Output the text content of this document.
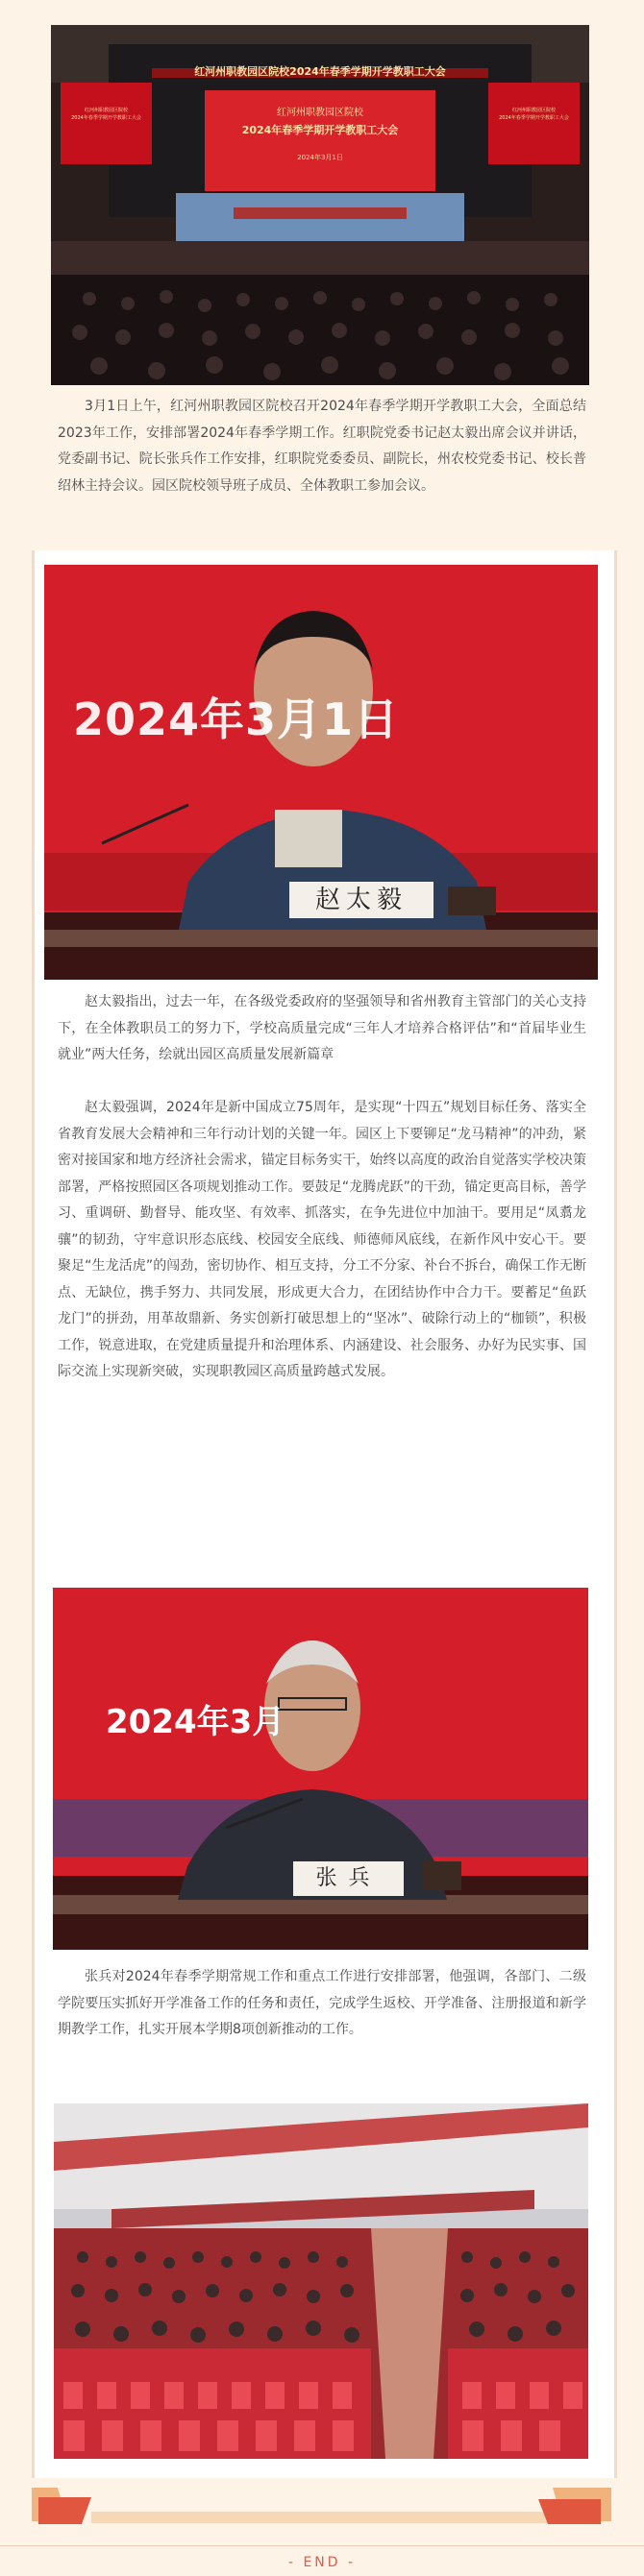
红河州职教园区院校2024年春季学期开学教职工大会
红河州职教园区院校
2024年春季学期开学教职工大会
2024年3月1日
红河州职教园区院校
2024年春季学期开学教职工大会
红河州职教园区院校
2024年春季学期开学教职工大会

3月1日上午，红河州职教园区院校召开2024年春季学期开学教职工大会，全面总结2023年工作，安排部署2024年春季学期工作。红职院党委书记赵太毅出席会议并讲话，党委副书记、院长张兵作工作安排，红职院党委委员、副院长，州农校党委书记、校长普绍林主持会议。园区院校领导班子成员、全体教职工参加会议。

2024年3月1日
赵太毅

赵太毅指出，过去一年，在各级党委政府的坚强领导和省州教育主管部门的关心支持下，在全体教职员工的努力下，学校高质量完成“三年人才培养合格评估”和“首届毕业生就业”两大任务，绘就出园区高质量发展新篇章

赵太毅强调，2024年是新中国成立75周年，是实现“十四五”规划目标任务、落实全省教育发展大会精神和三年行动计划的关键一年。园区上下要铆足“龙马精神”的冲劲，紧密对接国家和地方经济社会需求，锚定目标务实干，始终以高度的政治自觉落实学校决策部署，严格按照园区各项规划推动工作。要鼓足“龙腾虎跃”的干劲，锚定更高目标，善学习、重调研、勤督导、能攻坚、有效率、抓落实，在争先进位中加油干。要用足“凤翥龙骧”的韧劲，守牢意识形态底线、校园安全底线、师德师风底线，在新作风中安心干。要聚足“生龙活虎”的闯劲，密切协作、相互支持，分工不分家、补台不拆台，确保工作无断点、无缺位，携手努力、共同发展，形成更大合力，在团结协作中合力干。要蓄足“鱼跃龙门”的拼劲，用革故鼎新、务实创新打破思想上的“坚冰”、破除行动上的“枷锁”，积极工作，锐意进取，在党建质量提升和治理体系、内涵建设、社会服务、办好为民实事、国际交流上实现新突破，实现职教园区高质量跨越式发展。

2024年3月
张兵

张兵对2024年春季学期常规工作和重点工作进行安排部署，他强调，各部门、二级学院要压实抓好开学准备工作的任务和责任，完成学生返校、开学准备、注册报道和新学期教学工作，扎实开展本学期8项创新推动的工作。

- END -
